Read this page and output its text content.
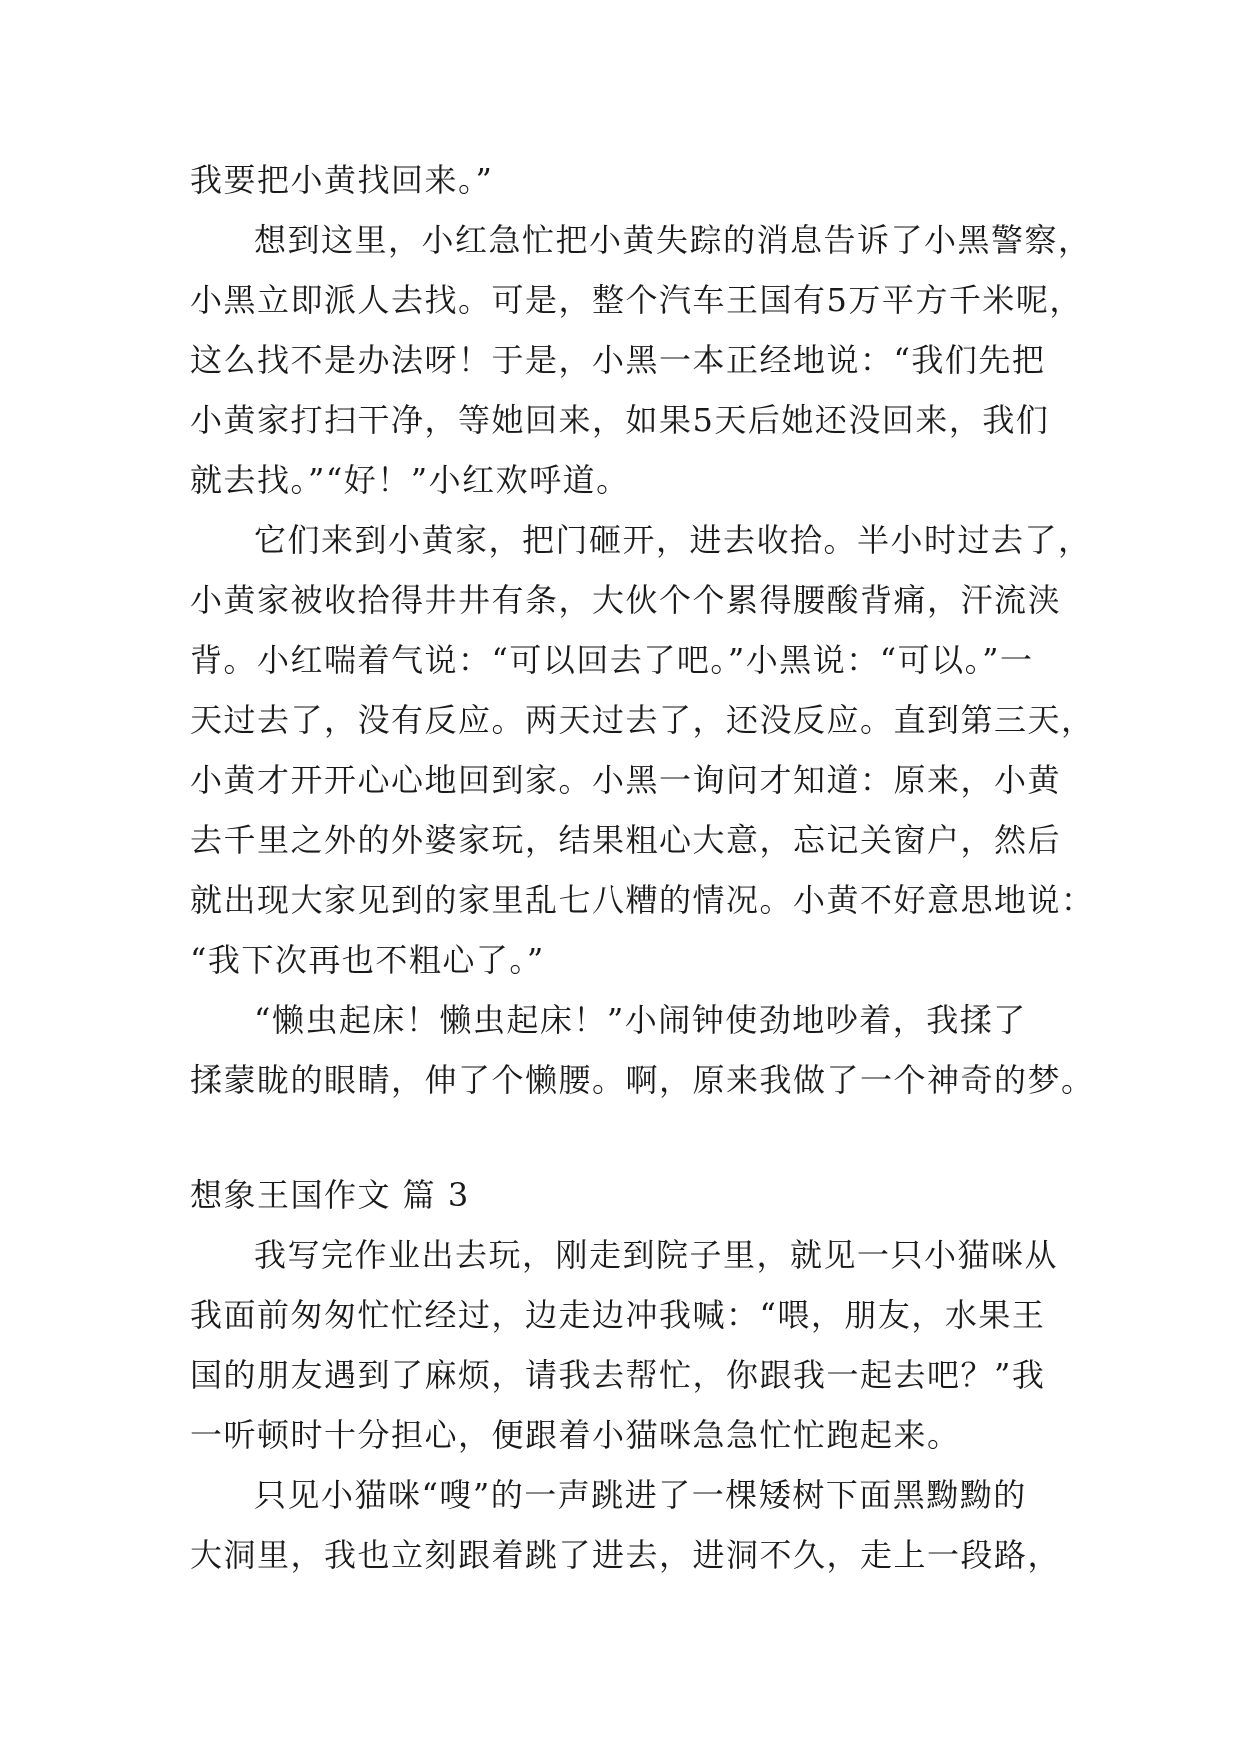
我要把小黄找回来。”
想到这里，小红急忙把小黄失踪的消息告诉了小黑警察，
小黑立即派人去找。可是，整个汽车王国有5万平方千米呢，
这么找不是办法呀！于是，小黑一本正经地说：“我们先把
小黄家打扫干净，等她回来，如果5天后她还没回来，我们
就去找。”“好！”小红欢呼道。
它们来到小黄家，把门砸开，进去收拾。半小时过去了，
小黄家被收拾得井井有条，大伙个个累得腰酸背痛，汗流浃
背。小红喘着气说：“可以回去了吧。”小黑说：“可以。”一
天过去了，没有反应。两天过去了，还没反应。直到第三天，
小黄才开开心心地回到家。小黑一询问才知道：原来，小黄
去千里之外的外婆家玩，结果粗心大意，忘记关窗户，然后
就出现大家见到的家里乱七八糟的情况。小黄不好意思地说：
“我下次再也不粗心了。”
“懒虫起床！懒虫起床！”小闹钟使劲地吵着，我揉了
揉蒙眬的眼睛，伸了个懒腰。啊，原来我做了一个神奇的梦。
想象王国作文 篇 3
我写完作业出去玩，刚走到院子里，就见一只小猫咪从
我面前匆匆忙忙经过，边走边冲我喊：“喂，朋友，水果王
国的朋友遇到了麻烦，请我去帮忙，你跟我一起去吧？”我
一听顿时十分担心，便跟着小猫咪急急忙忙跑起来。
只见小猫咪“嗖”的一声跳进了一棵矮树下面黑黝黝的
大洞里，我也立刻跟着跳了进去，进洞不久，走上一段路，
